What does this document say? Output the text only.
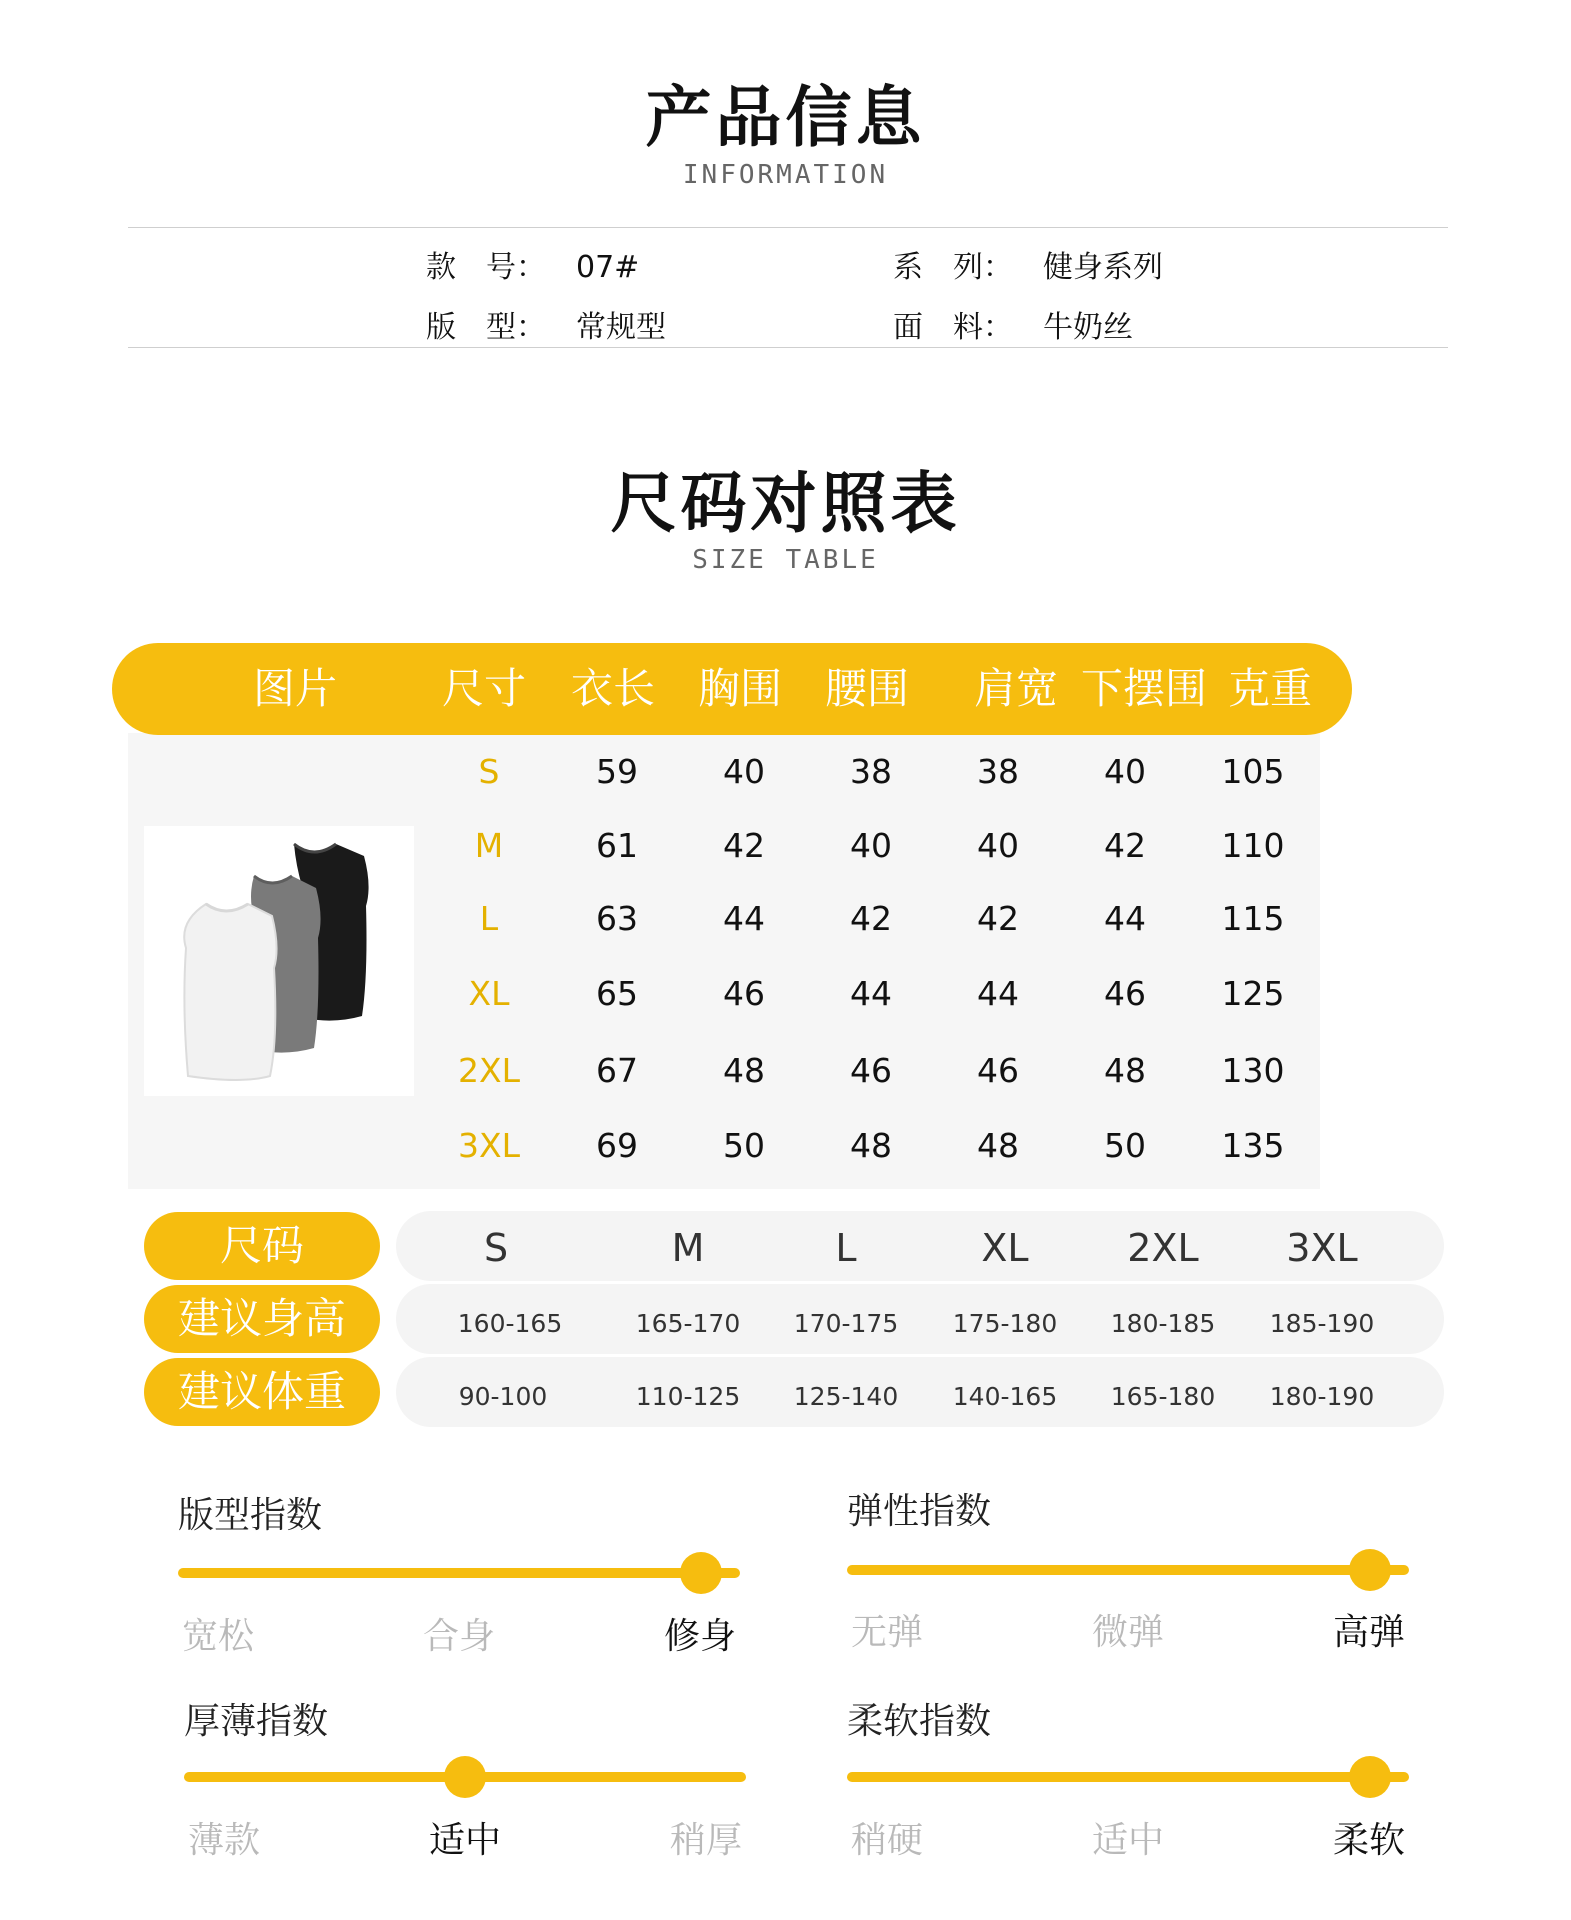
产品信息
INFORMATION
款　号： 07#	系　列： 健身系列
版　型： 常规型	面　料： 牛奶丝
尺码对照表
SIZE TABLE
图片 尺寸 衣长 胸围 腰围 肩宽 下摆围 克重
S	59	40	38	38	40 105
M	61	42	40	40	42 110
L	63	44	42	42	44 115
XL	65	46	44	44	46 125
2XL 67	48	46	46	48 130
3XL 69	50	48	48	50 135
尺码
建议身高
建议体重
S	M	L	XL	2XL 3XL
160-165	165-170 170-175 175-180 180-185 185-190
90-100	110-125 125-140 140-165 165-180 180-190
版型指数
宽松	合身	修身
弹性指数
无弹	微弹	高弹
厚薄指数
薄款	适中	稍厚
柔软指数
稍硬	适中	柔软
